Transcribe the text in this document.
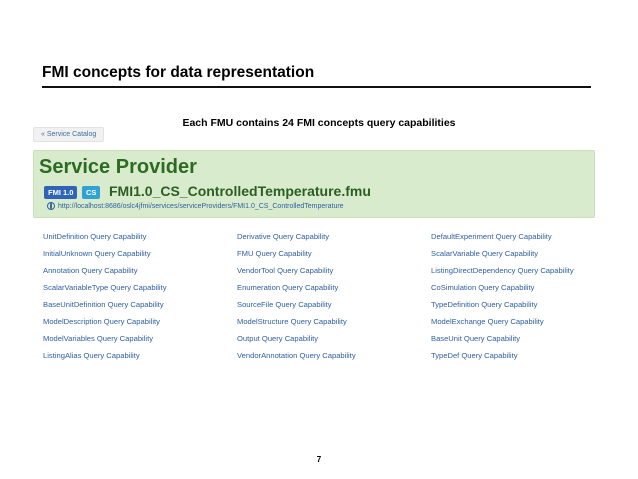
FMI concepts for data representation
Each FMU contains 24 FMI concepts query capabilities
« Service Catalog
Service Provider
FMI 1.0	CS FMI1.0_CS_ControlledTemperature.fmu
http://localhost:8686/oslc4jfmi/services/serviceProviders/FMI1.0_CS_ControlledTemperature
UnitDefinition Query Capability
InitialUnknown Query Capability
Annotation Query Capability
ScalarVariableType Query Capability
BaseUnitDefinition Query Capability
ModelDescription Query Capability
ModelVariables Query Capability
ListingAlias Query Capability
Derivative Query Capability
FMU Query Capability
VendorTool Query Capability
Enumeration Query Capability
SourceFile Query Capability
ModelStructure Query Capability
Output Query Capability
VendorAnnotation Query Capability
DefaultExperiment Query Capability
ScalarVariable Query Capability
ListingDirectDependency Query Capability
CoSimulation Query Capability
TypeDefinition Query Capability
ModelExchange Query Capability
BaseUnit Query Capability
TypeDef Query Capability
7
